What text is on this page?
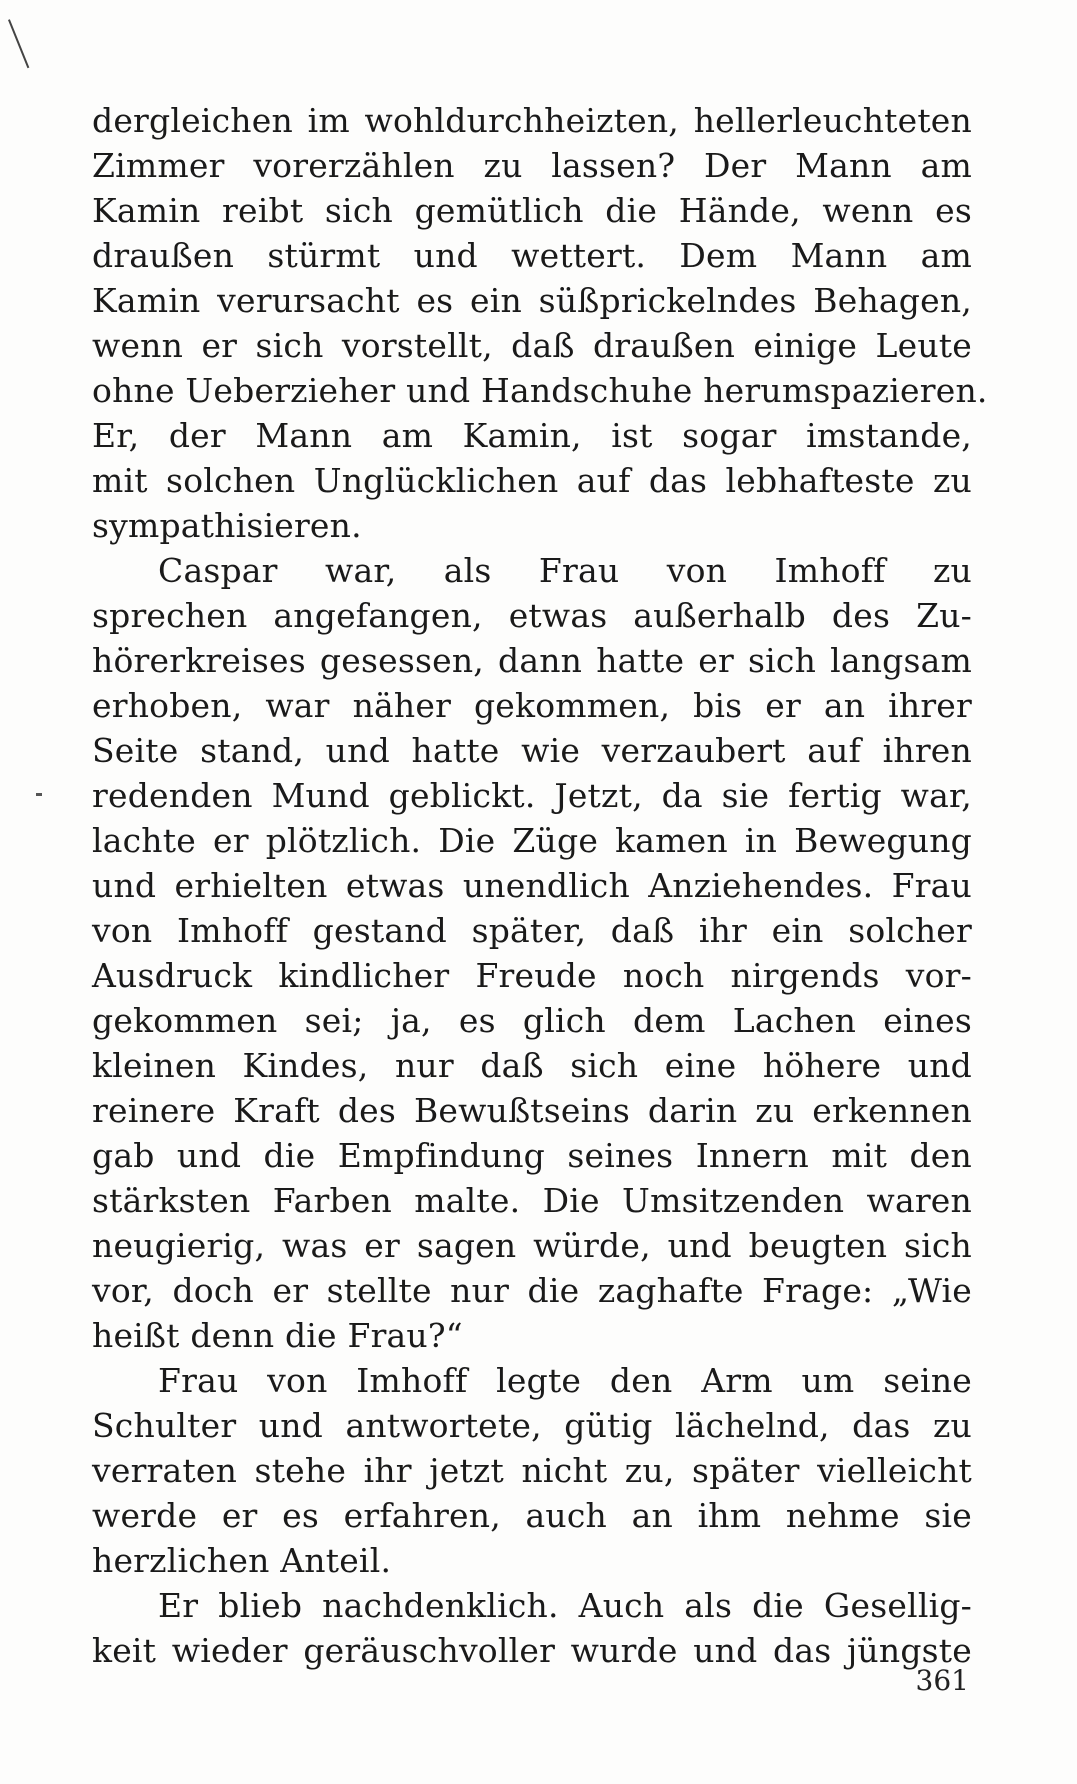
dergleichen im wohldurchheizten, hellerleuchteten
Zimmer vorerzählen zu lassen? Der Mann am
Kamin reibt sich gemütlich die Hände, wenn es
draußen stürmt und wettert. Dem Mann am
Kamin verursacht es ein süßprickelndes Behagen,
wenn er sich vorstellt, daß draußen einige Leute
ohne Ueberzieher und Handschuhe herumspazieren.
Er, der Mann am Kamin, ist sogar imstande,
mit solchen Unglücklichen auf das lebhafteste zu
sympathisieren.
Caspar war, als Frau von Imhoff zu
sprechen angefangen, etwas außerhalb des Zu-
hörerkreises gesessen, dann hatte er sich langsam
erhoben, war näher gekommen, bis er an ihrer
Seite stand, und hatte wie verzaubert auf ihren
redenden Mund geblickt. Jetzt, da sie fertig war,
lachte er plötzlich. Die Züge kamen in Bewegung
und erhielten etwas unendlich Anziehendes. Frau
von Imhoff gestand später, daß ihr ein solcher
Ausdruck kindlicher Freude noch nirgends vor-
gekommen sei; ja, es glich dem Lachen eines
kleinen Kindes, nur daß sich eine höhere und
reinere Kraft des Bewußtseins darin zu erkennen
gab und die Empfindung seines Innern mit den
stärksten Farben malte. Die Umsitzenden waren
neugierig, was er sagen würde, und beugten sich
vor, doch er stellte nur die zaghafte Frage: „Wie
heißt denn die Frau?“
Frau von Imhoff legte den Arm um seine
Schulter und antwortete, gütig lächelnd, das zu
verraten stehe ihr jetzt nicht zu, später vielleicht
werde er es erfahren, auch an ihm nehme sie
herzlichen Anteil.
Er blieb nachdenklich. Auch als die Gesellig-
keit wieder geräuschvoller wurde und das jüngste
361
